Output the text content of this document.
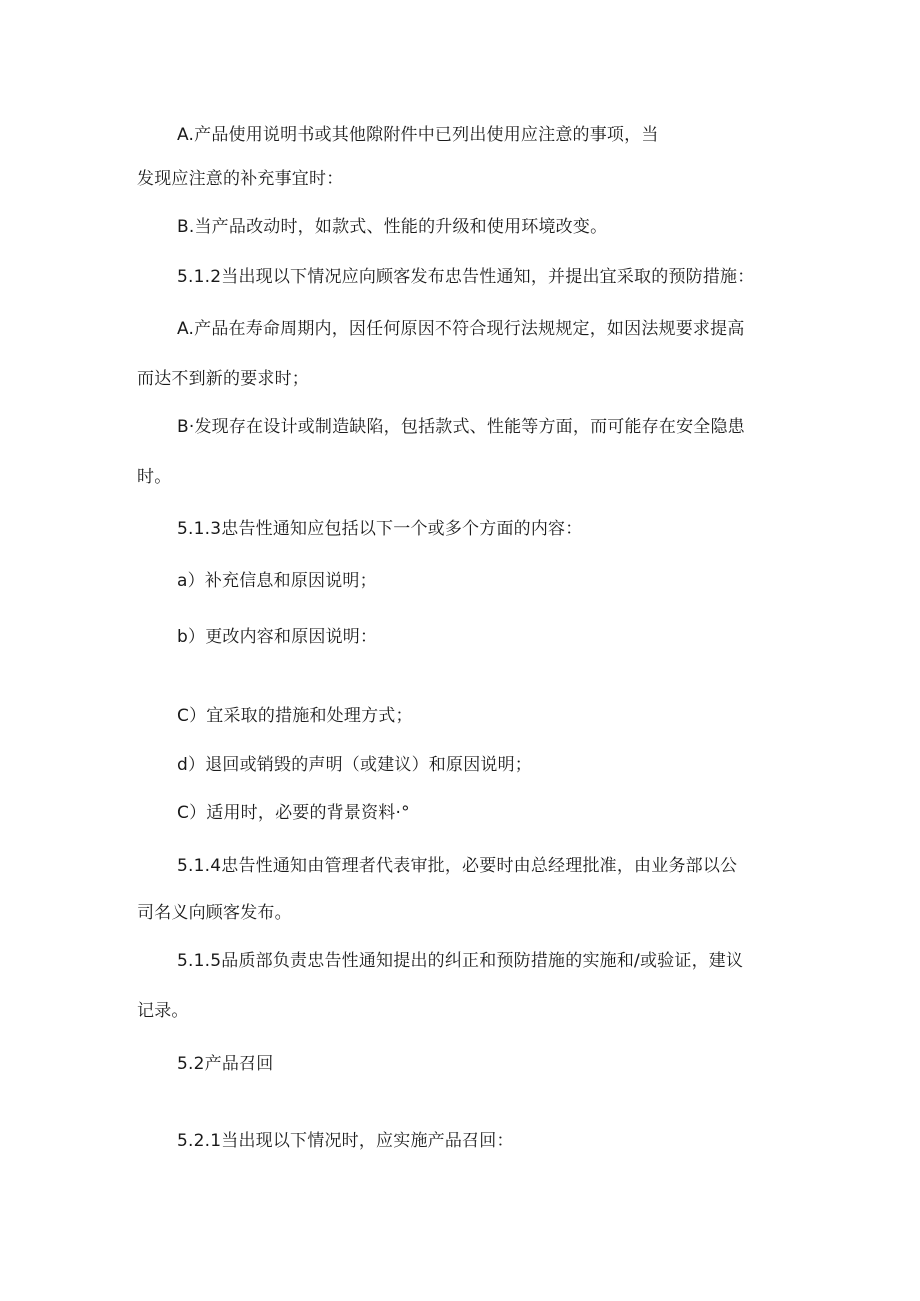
A.产品使用说明书或其他隙附件中已列出使用应注意的事项，当
发现应注意的补充事宜时：
B.当产品改动时，如款式、性能的升级和使用环境改变。
5.1.2当出现以下情况应向顾客发布忠告性通知，并提出宜采取的预防措施：
A.产品在寿命周期内，因任何原因不符合现行法规规定，如因法规要求提高
而达不到新的要求时；
B·发现存在设计或制造缺陷，包括款式、性能等方面，而可能存在安全隐患
时。
5.1.3忠告性通知应包括以下一个或多个方面的内容：
a）补充信息和原因说明；
b）更改内容和原因说明：
C）宜采取的措施和处理方式；
d）退回或销毁的声明（或建议）和原因说明；
C）适用时，必要的背景资料·°
5.1.4忠告性通知由管理者代表审批，必要时由总经理批准，由业务部以公
司名义向顾客发布。
5.1.5品质部负责忠告性通知提出的纠正和预防措施的实施和/或验证，建议
记录。
5.2产品召回
5.2.1当出现以下情况时，应实施产品召回：
